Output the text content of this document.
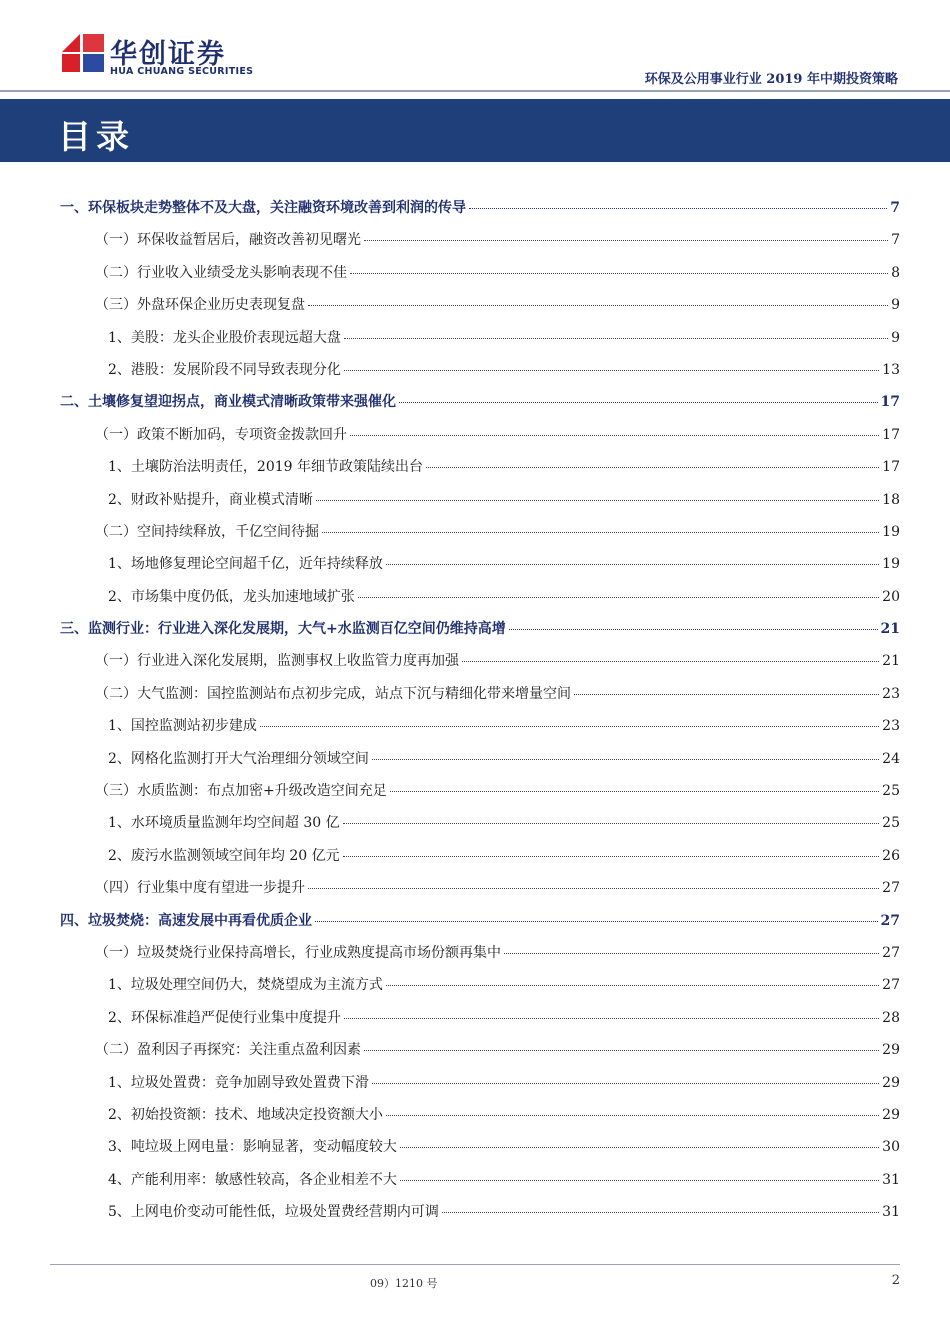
华创证券
HUA CHUANG SECURITIES
环保及公用事业行业 2019 年中期投资策略
目录
一、环保板块走势整体不及大盘，关注融资环境改善到利润的传导	7
（一）环保收益暂居后，融资改善初见曙光	7
（二）行业收入业绩受龙头影响表现不佳	8
（三）外盘环保企业历史表现复盘	9
1、美股：龙头企业股价表现远超大盘	9
2、港股：发展阶段不同导致表现分化	13
二、土壤修复望迎拐点，商业模式清晰政策带来强催化	17
（一）政策不断加码，专项资金拨款回升	17
1、土壤防治法明责任，2019 年细节政策陆续出台	17
2、财政补贴提升，商业模式清晰	18
（二）空间持续释放，千亿空间待掘	19
1、场地修复理论空间超千亿，近年持续释放	19
2、市场集中度仍低，龙头加速地域扩张	20
三、监测行业：行业进入深化发展期，大气+水监测百亿空间仍维持高增	21
（一）行业进入深化发展期，监测事权上收监管力度再加强	21
（二）大气监测：国控监测站布点初步完成，站点下沉与精细化带来增量空间	23
1、国控监测站初步建成	23
2、网格化监测打开大气治理细分领域空间	24
（三）水质监测：布点加密+升级改造空间充足	25
1、水环境质量监测年均空间超 30 亿	25
2、废污水监测领域空间年均 20 亿元	26
（四）行业集中度有望进一步提升	27
四、垃圾焚烧：高速发展中再看优质企业	27
（一）垃圾焚烧行业保持高增长，行业成熟度提高市场份额再集中	27
1、垃圾处理空间仍大，焚烧望成为主流方式	27
2、环保标准趋严促使行业集中度提升	28
（二）盈利因子再探究：关注重点盈利因素	29
1、垃圾处置费：竞争加剧导致处置费下滑	29
2、初始投资额：技术、地域决定投资额大小	29
3、吨垃圾上网电量：影响显著，变动幅度较大	30
4、产能利用率：敏感性较高，各企业相差不大	31
5、上网电价变动可能性低，垃圾处置费经营期内可调	31
09）1210 号	2
